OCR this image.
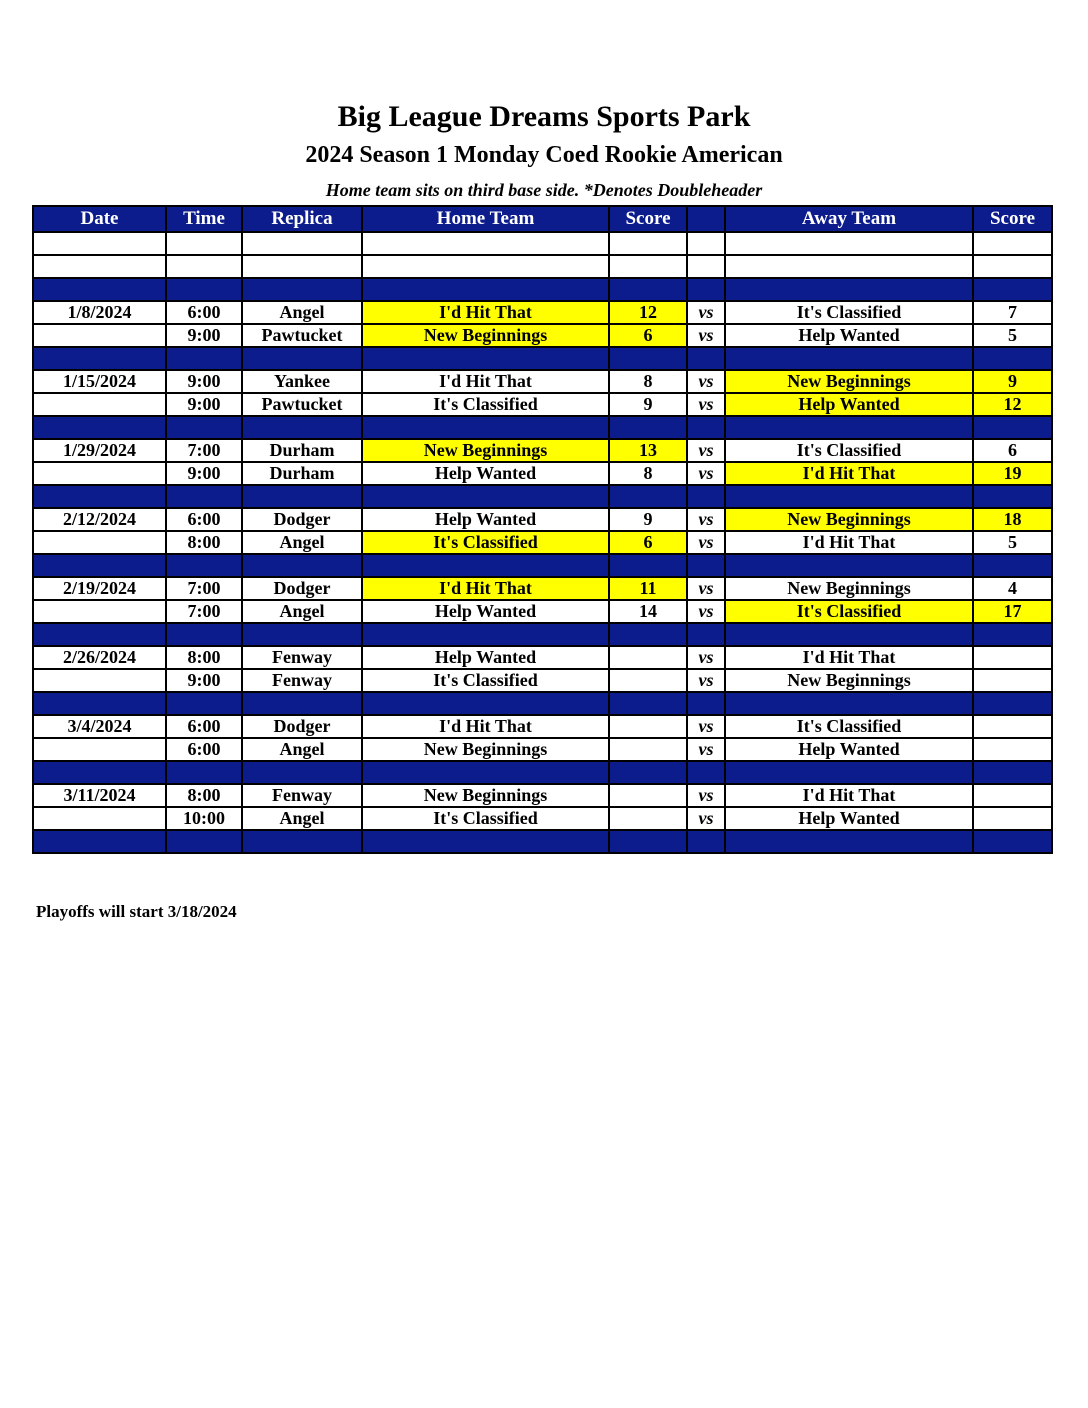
Big League Dreams Sports Park
2024 Season 1 Monday Coed Rookie American

Home team sits on third base side. *Denotes Doubleheader

Date	Time	Replica	Home Team	Score		Away Team	Score

1/8/2024	6:00	Angel	I'd Hit That	12	vs	It's Classified	7
	9:00	Pawtucket	New Beginnings	6	vs	Help Wanted	5

1/15/2024	9:00	Yankee	I'd Hit That	8	vs	New Beginnings	9
	9:00	Pawtucket	It's Classified	9	vs	Help Wanted	12

1/29/2024	7:00	Durham	New Beginnings	13	vs	It's Classified	6
	9:00	Durham	Help Wanted	8	vs	I'd Hit That	19

2/12/2024	6:00	Dodger	Help Wanted	9	vs	New Beginnings	18
	8:00	Angel	It's Classified	6	vs	I'd Hit That	5

2/19/2024	7:00	Dodger	I'd Hit That	11	vs	New Beginnings	4
	7:00	Angel	Help Wanted	14	vs	It's Classified	17

2/26/2024	8:00	Fenway	Help Wanted		vs	I'd Hit That	
	9:00	Fenway	It's Classified		vs	New Beginnings	

3/4/2024	6:00	Dodger	I'd Hit That		vs	It's Classified	
	6:00	Angel	New Beginnings		vs	Help Wanted	

3/11/2024	8:00	Fenway	New Beginnings		vs	I'd Hit That	
	10:00	Angel	It's Classified		vs	Help Wanted	

Playoffs will start 3/18/2024
